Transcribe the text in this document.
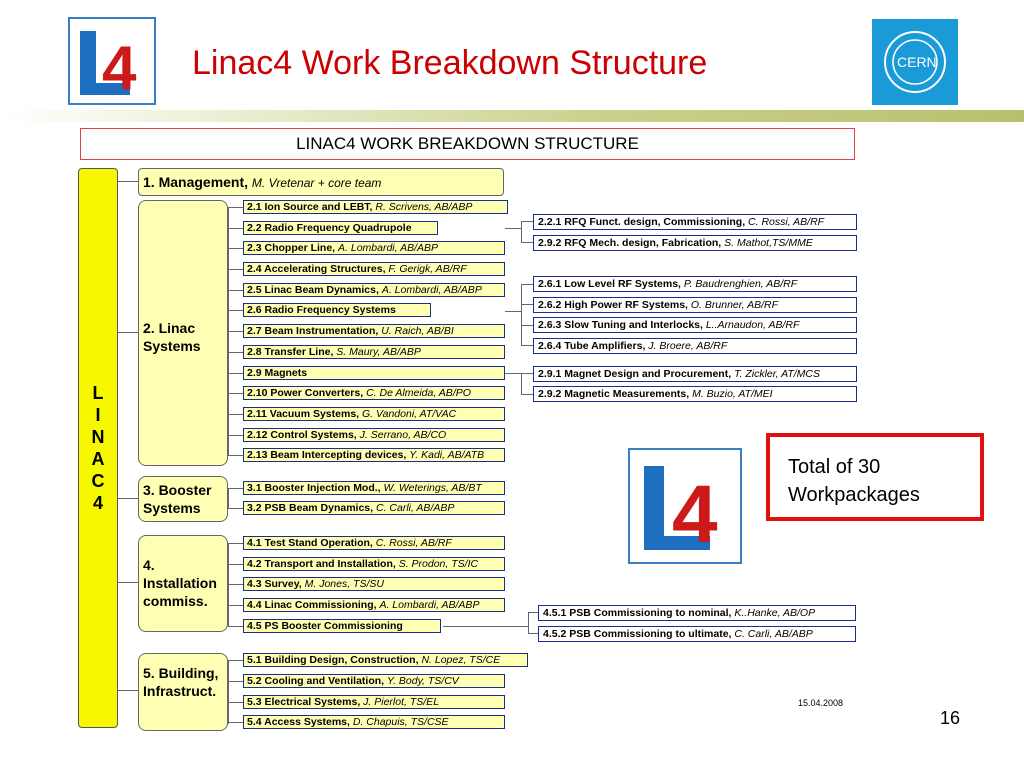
4 Linac4 Work Breakdown Structure	CERN
LINAC4 WORK BREAKDOWN STRUCTURE
L
I
N
A
C
4
1. Management, M. Vretenar + core team
2. Linac Systems
3. Booster Systems
4. Installation commiss.
5. Building, Infrastruct.
2.1 Ion Source and LEBT, R. Scrivens, AB/ABP
2.2 Radio Frequency Quadrupole
2.3 Chopper Line, A. Lombardi, AB/ABP
2.4 Accelerating Structures, F. Gerigk, AB/RF
2.5 Linac Beam Dynamics, A. Lombardi, AB/ABP
2.6 Radio Frequency Systems
2.7 Beam Instrumentation, U. Raich, AB/BI
2.8 Transfer Line, S. Maury, AB/ABP
2.9 Magnets
2.10 Power Converters, C. De Almeida, AB/PO
2.11 Vacuum Systems, G. Vandoni, AT/VAC
2.12 Control Systems, J. Serrano, AB/CO
2.13 Beam Intercepting devices, Y. Kadi, AB/ATB
3.1 Booster Injection Mod., W. Weterings, AB/BT
3.2 PSB Beam Dynamics, C. Carli, AB/ABP
4.1 Test Stand Operation, C. Rossi, AB/RF
4.2 Transport and Installation, S. Prodon, TS/IC
4.3 Survey, M. Jones, TS/SU
4.4 Linac Commissioning, A. Lombardi, AB/ABP
4.5 PS Booster Commissioning
5.1 Building Design, Construction, N. Lopez, TS/CE
5.2 Cooling and Ventilation, Y. Body, TS/CV
5.3 Electrical Systems, J. Pierlot, TS/EL
5.4 Access Systems, D. Chapuis, TS/CSE
2.2.1 RFQ Funct. design, Commissioning, C. Rossi, AB/RF
2.9.2 RFQ Mech. design, Fabrication, S. Mathot,TS/MME
2.6.1 Low Level RF Systems, P. Baudrenghien, AB/RF
2.6.2 High Power RF Systems, O. Brunner, AB/RF
2.6.3 Slow Tuning and Interlocks, L..Arnaudon, AB/RF
2.6.4 Tube Amplifiers, J. Broere, AB/RF
2.9.1 Magnet Design and Procurement, T. Zickler, AT/MCS
2.9.2 Magnetic Measurements, M. Buzio, AT/MEI
4.5.1 PSB Commissioning to nominal, K..Hanke, AB/OP
4.5.2 PSB Commissioning to ultimate, C. Carli, AB/ABP
Total of 30
Workpackages
4
15.04.2008
16
